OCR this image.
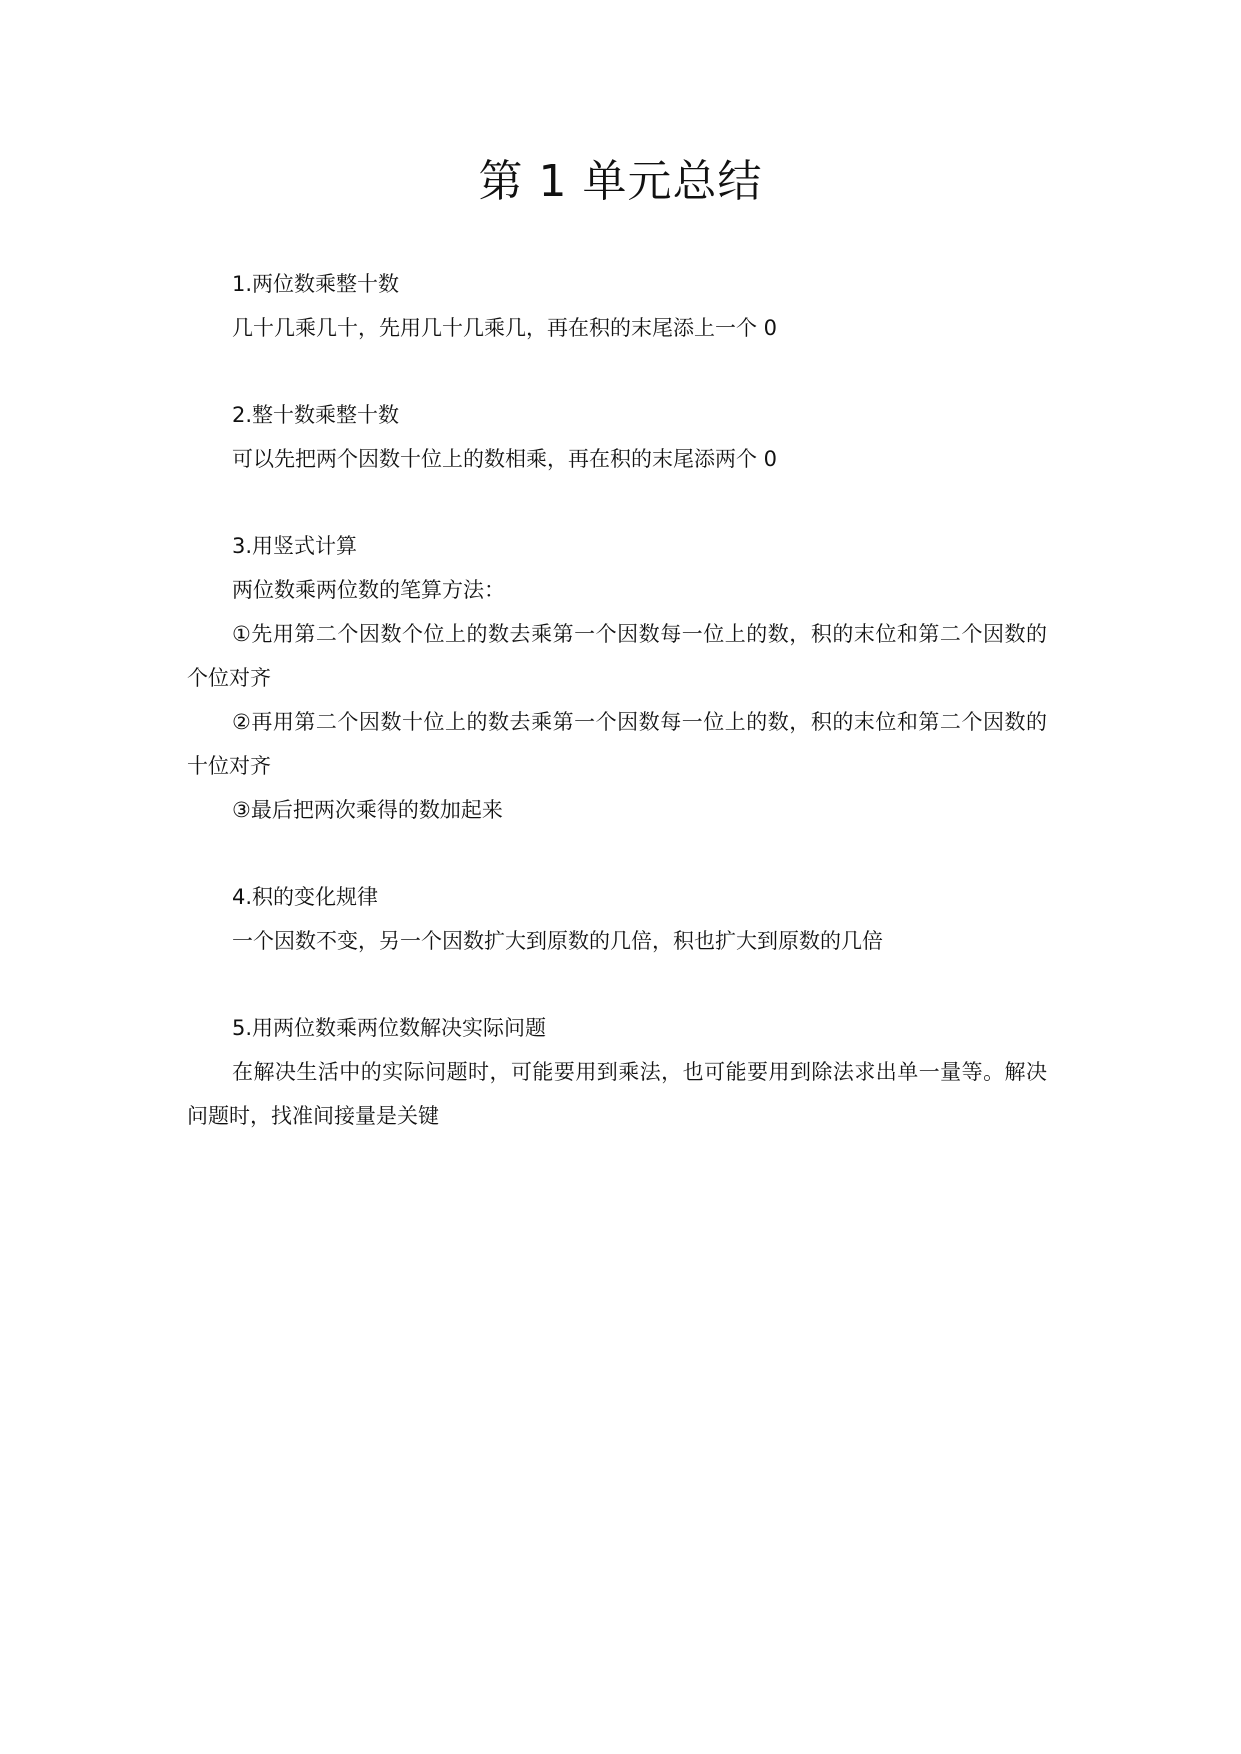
第 1 单元总结
1.两位数乘整十数
几十几乘几十，先用几十几乘几，再在积的末尾添上一个 0
2.整十数乘整十数
可以先把两个因数十位上的数相乘，再在积的末尾添两个 0
3.用竖式计算
两位数乘两位数的笔算方法：
①先用第二个因数个位上的数去乘第一个因数每一位上的数，积的末位和第二个因数的个位对齐
②再用第二个因数十位上的数去乘第一个因数每一位上的数，积的末位和第二个因数的十位对齐
③最后把两次乘得的数加起来
4.积的变化规律
一个因数不变，另一个因数扩大到原数的几倍，积也扩大到原数的几倍
5.用两位数乘两位数解决实际问题
在解决生活中的实际问题时，可能要用到乘法，也可能要用到除法求出单一量等。解决问题时，找准间接量是关键
